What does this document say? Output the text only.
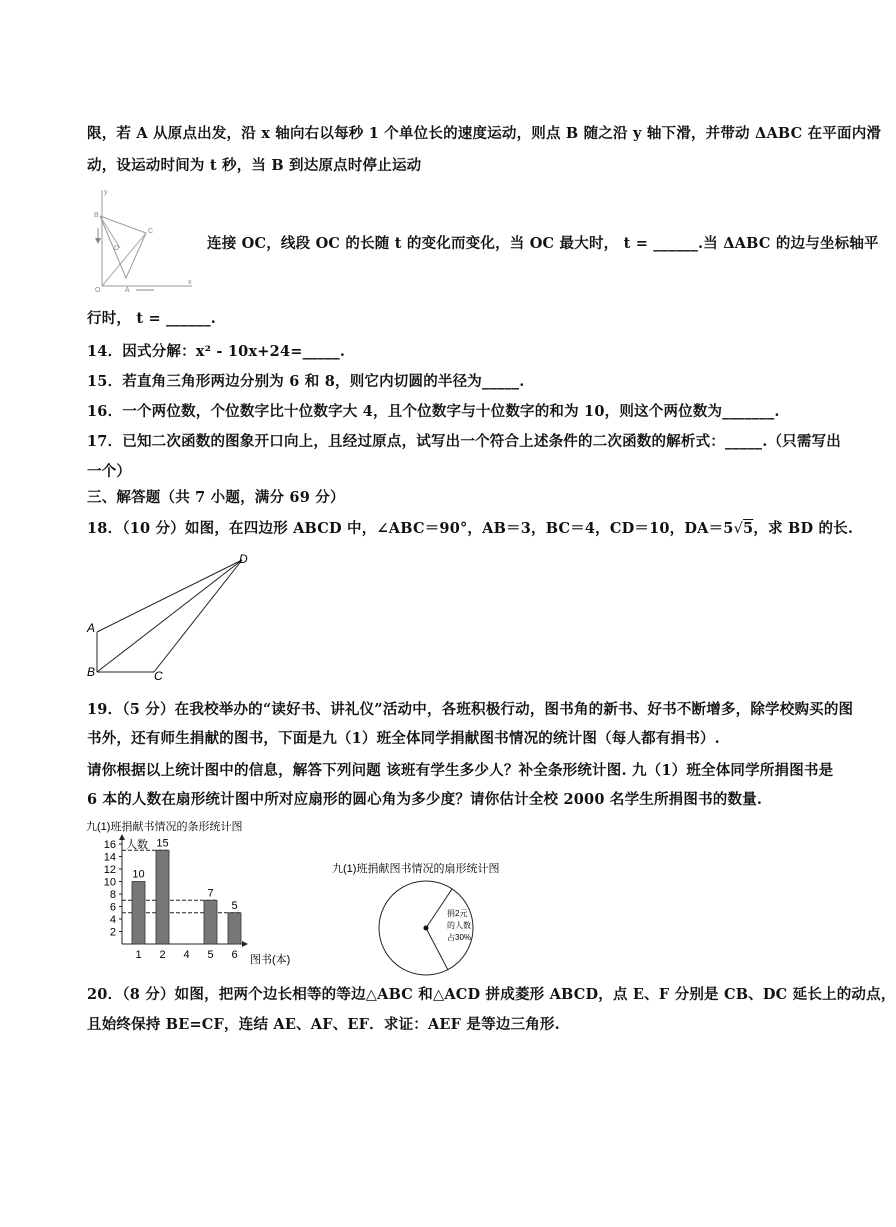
限，若 A 从原点出发，沿 x 轴向右以每秒 1 个单位长的速度运动，则点 B 随之沿 y 轴下滑，并带动 ΔABC 在平面内滑
动，设运动时间为 t 秒，当 B 到达原点时停止运动
y
B
D
C
O	A
x
连接 OC，线段 OC 的长随 t 的变化而变化，当 OC 最大时， t = ______.当 ΔABC 的边与坐标轴平
行时， t = ______.
14．因式分解：x² - 10x+24=_____.
15．若直角三角形两边分别为 6 和 8，则它内切圆的半径为_____.
16．一个两位数，个位数字比十位数字大 4，且个位数字与十位数字的和为 10，则这个两位数为_______.
17．已知二次函数的图象开口向上，且经过原点，试写出一个符合上述条件的二次函数的解析式：_____.（只需写出
一个）
三、解答题（共 7 小题，满分 69 分）
18．（10 分）如图，在四边形 ABCD 中，∠ABC＝90°，AB＝3，BC＝4，CD＝10，DA＝5√5，求 BD 的长.
D
A
B	C
19．（5 分）在我校举办的“读好书、讲礼仪”活动中，各班积极行动，图书角的新书、好书不断增多，除学校购买的图
书外，还有师生捐献的图书，下面是九（1）班全体同学捐献图书情况的统计图（每人都有捐书）.
请你根据以上统计图中的信息，解答下列问题 该班有学生多少人？补全条形统计图. 九（1）班全体同学所捐图书是
6 本的人数在扇形统计图中所对应扇形的圆心角为多少度？请你估计全校 2000 名学生所捐图书的数量.
九(1)班捐献书情况的条形统计图
人数
图书(本)
2
4
6
8
10
12
14
16
10
1
15
2 4
7
5
5
6
九(1)班捐献图书情况的扇形统计图
捐2元
的人数
占30%
20．（8 分）如图，把两个边长相等的等边△ABC 和△ACD 拼成菱形 ABCD，点 E、F 分别是 CB、DC 延长上的动点，
且始终保持 BE=CF，连结 AE、AF、EF．求证：AEF 是等边三角形.
